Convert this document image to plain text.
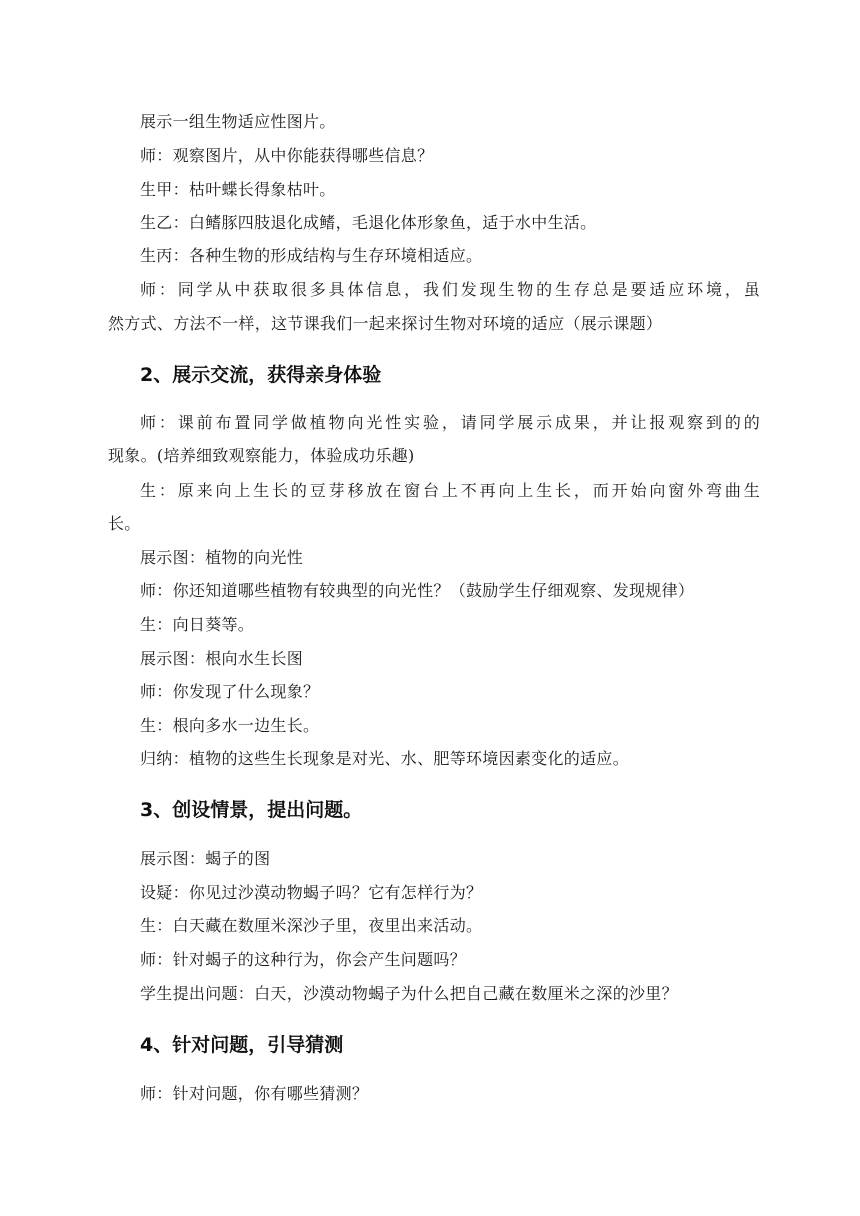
展示一组生物适应性图片。
师：观察图片，从中你能获得哪些信息？
生甲：枯叶蝶长得象枯叶。
生乙：白鳍豚四肢退化成鳍，毛退化体形象鱼，适于水中生活。
生丙：各种生物的形成结构与生存环境相适应。
师：同学从中获取很多具体信息，我们发现生物的生存总是要适应环境，虽
然方式、方法不一样，这节课我们一起来探讨生物对环境的适应（展示课题）
2、展示交流，获得亲身体验
师：课前布置同学做植物向光性实验，请同学展示成果，并让报观察到的的
现象。(培养细致观察能力，体验成功乐趣)
生：原来向上生长的豆芽移放在窗台上不再向上生长，而开始向窗外弯曲生
长。
展示图：植物的向光性
师：你还知道哪些植物有较典型的向光性？（鼓励学生仔细观察、发现规律）
生：向日葵等。
展示图：根向水生长图
师：你发现了什么现象？
生：根向多水一边生长。
归纳：植物的这些生长现象是对光、水、肥等环境因素变化的适应。
3、创设情景，提出问题。
展示图：蝎子的图
设疑：你见过沙漠动物蝎子吗？它有怎样行为？
生：白天藏在数厘米深沙子里，夜里出来活动。
师：针对蝎子的这种行为，你会产生问题吗？
学生提出问题：白天，沙漠动物蝎子为什么把自己藏在数厘米之深的沙里？
4、针对问题，引导猜测
师：针对问题，你有哪些猜测？
